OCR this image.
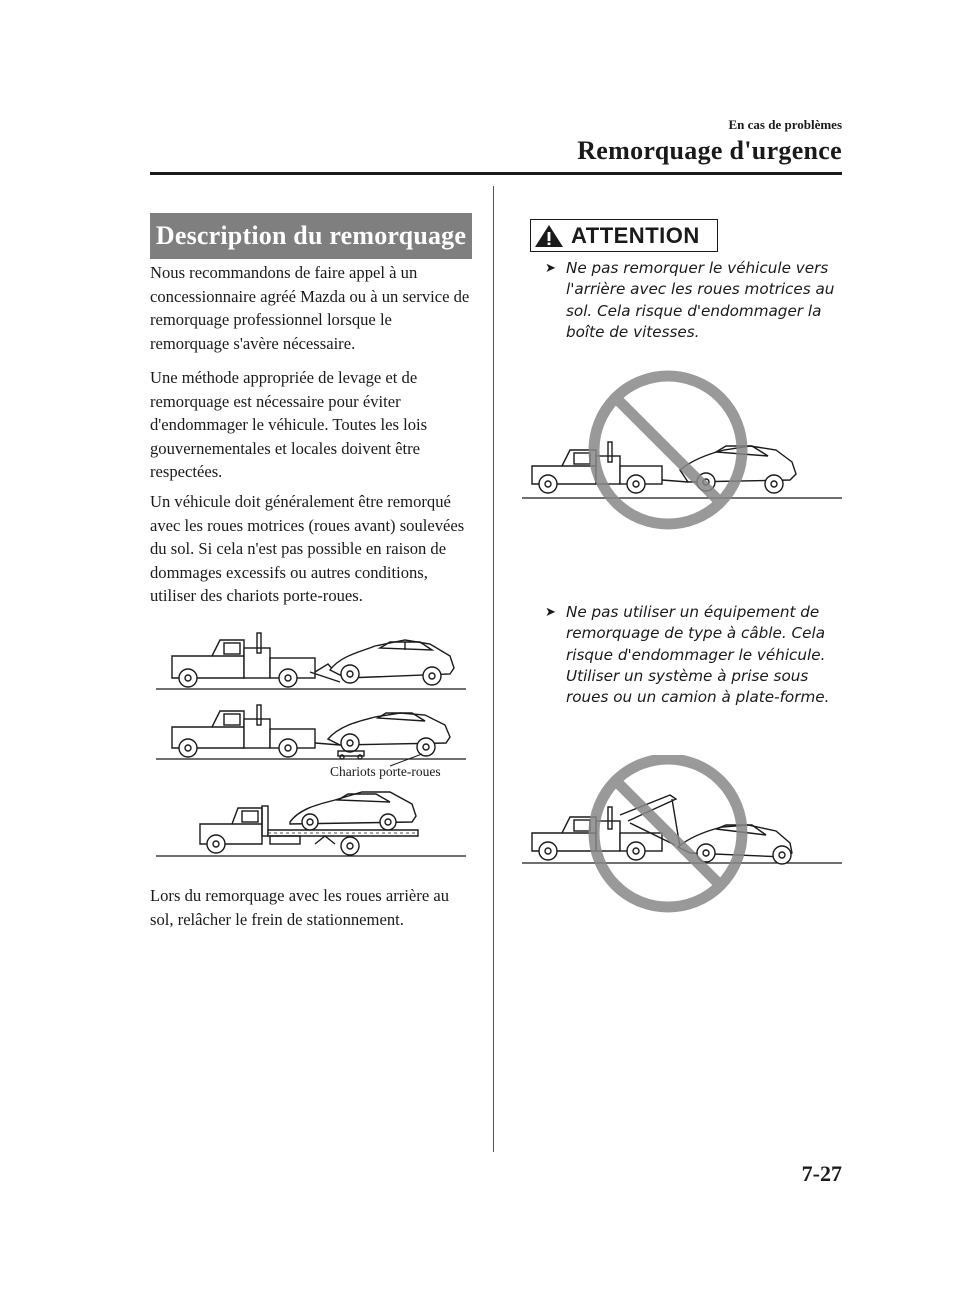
En cas de problèmes
Remorquage d'urgence
Description du remorquage

Nous recommandons de faire appel à un concessionnaire agréé Mazda ou à un service de remorquage professionnel lorsque le remorquage s'avère nécessaire.

Une méthode appropriée de levage et de remorquage est nécessaire pour éviter d'endommager le véhicule. Toutes les lois gouvernementales et locales doivent être respectées.

Un véhicule doit généralement être remorqué avec les roues motrices (roues avant) soulevées du sol. Si cela n'est pas possible en raison de dommages excessifs ou autres conditions, utiliser des chariots porte-roues.

Chariots porte-roues

Lors du remorquage avec les roues arrière au sol, relâcher le frein de stationnement.

ATTENTION
➤ Ne pas remorquer le véhicule vers l'arrière avec les roues motrices au sol. Cela risque d'endommager la boîte de vitesses.
➤ Ne pas utiliser un équipement de remorquage de type à câble. Cela risque d'endommager le véhicule. Utiliser un système à prise sous roues ou un camion à plate-forme.
7-27
